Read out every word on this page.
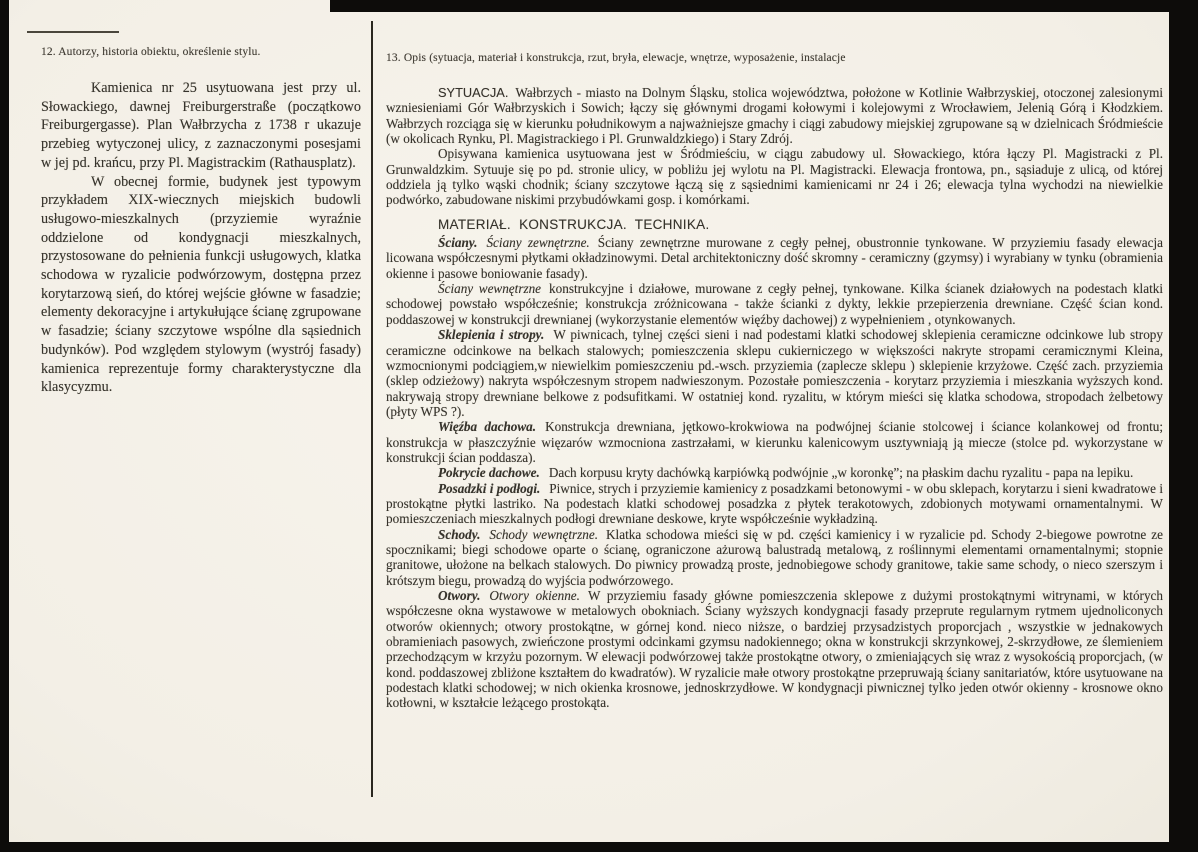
12. Autorzy, historia obiektu, określenie stylu.

Kamienica nr 25 usytuowana jest przy ul. Słowackiego, dawnej Freiburgerstraße (początkowo Freiburgergasse). Plan Wałbrzycha z 1738 r ukazuje przebieg wytyczonej ulicy, z zaznaczonymi posesjami w jej pd. krańcu, przy Pl. Magistrackim (Rathausplatz).

W obecnej formie, budynek jest typowym przykładem XIX-wiecznych miejskich budowli usługowo-mieszkalnych (przyziemie wyraźnie oddzielone od kondygnacji mieszkalnych, przystosowane do pełnienia funkcji usługowych, klatka schodowa w ryzalicie podwórzowym, dostępna przez korytarzową sień, do której wejście główne w fasadzie; elementy dekoracyjne i artykułujące ścianę zgrupowane w fasadzie; ściany szczytowe wspólne dla sąsiednich budynków). Pod względem stylowym (wystrój fasady) kamienica reprezentuje formy charakterystyczne dla klasycyzmu.

13. Opis (sytuacja, materiał i konstrukcja, rzut, bryła, elewacje, wnętrze, wyposażenie, instalacje

SYTUACJA. Wałbrzych - miasto na Dolnym Śląsku, stolica województwa, położone w Kotlinie Wałbrzyskiej, otoczonej zalesionymi wzniesieniami Gór Wałbrzyskich i Sowich; łączy się głównymi drogami kołowymi i kolejowymi z Wrocławiem, Jelenią Górą i Kłodzkiem. Wałbrzych rozciąga się w kierunku południkowym a najważniejsze gmachy i ciągi zabudowy miejskiej zgrupowane są w dzielnicach Śródmieście (w okolicach Rynku, Pl. Magistrackiego i Pl. Grunwaldzkiego) i Stary Zdrój.

Opisywana kamienica usytuowana jest w Śródmieściu, w ciągu zabudowy ul. Słowackiego, która łączy Pl. Magistracki z Pl. Grunwaldzkim. Sytuuje się po pd. stronie ulicy, w pobliżu jej wylotu na Pl. Magistracki. Elewacja frontowa, pn., sąsiaduje z ulicą, od której oddziela ją tylko wąski chodnik; ściany szczytowe łączą się z sąsiednimi kamienicami nr 24 i 26; elewacja tylna wychodzi na niewielkie podwórko, zabudowane niskimi przybudówkami gosp. i komórkami.

MATERIAŁ.  KONSTRUKCJA.  TECHNIKA.

Ściany. Ściany zewnętrzne. Ściany zewnętrzne murowane z cegły pełnej, obustronnie tynkowane. W przyziemiu fasady elewacja licowana współczesnymi płytkami okładzinowymi. Detal architektoniczny dość skromny - ceramiczny (gzymsy) i wyrabiany w tynku (obramienia okienne i pasowe boniowanie fasady).

Ściany wewnętrzne konstrukcyjne i działowe, murowane z cegły pełnej, tynkowane. Kilka ścianek działowych na podestach klatki schodowej powstało współcześnie; konstrukcja zróżnicowana - także ścianki z dykty, lekkie przepierzenia drewniane. Część ścian kond. poddaszowej w konstrukcji drewnianej (wykorzystanie elementów więźby dachowej) z wypełnieniem , otynkowanych.

Sklepienia i stropy. W piwnicach, tylnej części sieni i nad podestami klatki schodowej sklepienia ceramiczne odcinkowe lub stropy ceramiczne odcinkowe na belkach stalowych; pomieszczenia sklepu cukierniczego w większości nakryte stropami ceramicznymi Kleina, wzmocnionymi podciągiem,w niewielkim pomieszczeniu pd.-wsch. przyziemia (zaplecze sklepu ) sklepienie krzyżowe. Część zach. przyziemia (sklep odzieżowy) nakryta współczesnym stropem nadwieszonym. Pozostałe pomieszczenia - korytarz przyziemia i mieszkania wyższych kond. nakrywają stropy drewniane belkowe z podsufitkami. W ostatniej kond. ryzalitu, w którym mieści się klatka schodowa, stropodach żelbetowy (płyty WPS ?).

Więźba dachowa. Konstrukcja drewniana, jętkowo-krokwiowa na podwójnej ścianie stolcowej i ściance kolankowej od frontu; konstrukcja w płaszczyźnie więzarów wzmocniona zastrzałami, w kierunku kalenicowym usztywniają ją miecze (stolce pd. wykorzystane w konstrukcji ścian poddasza).

Pokrycie dachowe. Dach korpusu kryty dachówką karpiówką podwójnie „w koronkę”; na płaskim dachu ryzalitu - papa na lepiku.

Posadzki i podłogi. Piwnice, strych i przyziemie kamienicy z posadzkami betonowymi - w obu sklepach, korytarzu i sieni kwadratowe i prostokątne płytki lastriko. Na podestach klatki schodowej posadzka z płytek terakotowych, zdobionych motywami ornamentalnymi. W pomieszczeniach mieszkalnych podłogi drewniane deskowe, kryte współcześnie wykładziną.

Schody. Schody wewnętrzne. Klatka schodowa mieści się w pd. części kamienicy i w ryzalicie pd. Schody 2-biegowe powrotne ze spocznikami; biegi schodowe oparte o ścianę, ograniczone ażurową balustradą metalową, z roślinnymi elementami ornamentalnymi; stopnie granitowe, ułożone na belkach stalowych. Do piwnicy prowadzą proste, jednobiegowe schody granitowe, takie same schody, o nieco szerszym i krótszym biegu, prowadzą do wyjścia podwórzowego.

Otwory. Otwory okienne. W przyziemiu fasady główne pomieszczenia sklepowe z dużymi prostokątnymi witrynami, w których współczesne okna wystawowe w metalowych obokniach. Ściany wyższych kondygnacji fasady przeprute regularnym rytmem ujednoliconych otworów okiennych; otwory prostokątne, w górnej kond. nieco niższe, o bardziej przysadzistych proporcjach , wszystkie w jednakowych obramieniach pasowych, zwieńczone prostymi odcinkami gzymsu nadokiennego; okna w konstrukcji skrzynkowej, 2-skrzydłowe, ze ślemieniem przechodzącym w krzyżu pozornym. W elewacji podwórzowej także prostokątne otwory, o zmieniających się wraz z wysokością proporcjach, (w kond. poddaszowej zbliżone kształtem do kwadratów). W ryzalicie małe otwory prostokątne przepruwają ściany sanitariatów, które usytuowane na podestach klatki schodowej; w nich okienka krosnowe, jednoskrzydłowe. W kondygnacji piwnicznej tylko jeden otwór okienny - krosnowe okno kotłowni, w kształcie leżącego prostokąta.
